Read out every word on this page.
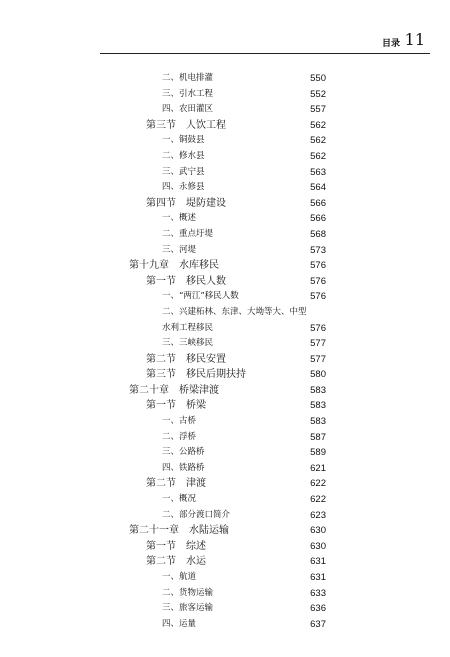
目录 11
二、机电排灌	550
三、引水工程	552
四、农田灌区	557
第三节　人饮工程	562
一、铜鼓县	562
二、修水县	562
三、武宁县	563
四、永修县	564
第四节　堤防建设	566
一、概述	566
二、重点圩堤	568
三、河堤	573
第十九章　水库移民	576
第一节　移民人数	576
一、“两江”移民人数	576
二、兴建柘林、东津、大坳等大、中型
水利工程移民	576
三、三峡移民	577
第二节　移民安置	577
第三节　移民后期扶持	580
第二十章　桥梁津渡	583
第一节　桥梁	583
一、古桥	583
二、浮桥	587
三、公路桥	589
四、铁路桥	621
第二节　津渡	622
一、概况	622
二、部分渡口简介	623
第二十一章　水陆运输	630
第一节　综述	630
第二节　水运	631
一、航道	631
二、货物运输	633
三、旅客运输	636
四、运量	637
